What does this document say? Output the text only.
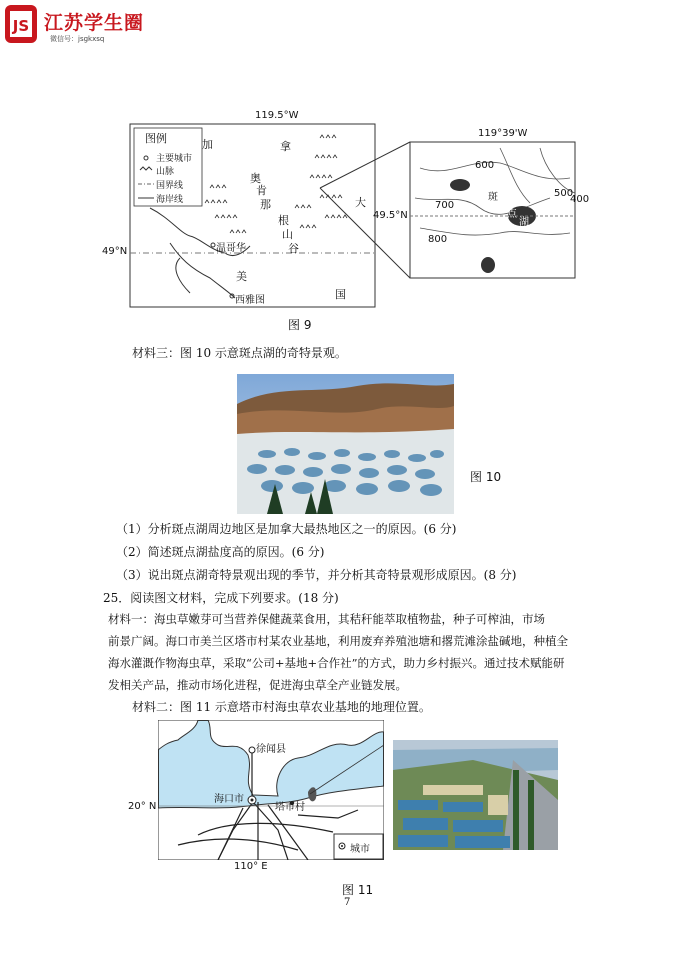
JS 江苏学生圈
微信号：jsgkxsq
图例
主要城市
山脉
国界线
海岸线
119.5°W
49°N
加	拿
大
奥
肯
那
根
山
谷
美
国
温哥华
西雅图
119°39'W
49.5°N
600
700
800
500
400
斑
点
湖
图 9
材料三：图 10 示意斑点湖的奇特景观。
图 10
（1）分析斑点湖周边地区是加拿大最热地区之一的原因。(6 分)
（2）简述斑点湖盐度高的原因。(6 分)
（3）说出斑点湖奇特景观出现的季节，并分析其奇特景观形成原因。(8 分)
25．阅读图文材料，完成下列要求。(18 分)
材料一：海虫草嫩芽可当营养保健蔬菜食用，其秸秆能萃取植物盐，种子可榨油，市场
前景广阔。海口市美兰区塔市村某农业基地，利用废弃养殖池塘和撂荒滩涂盐碱地，种植全
海水灌溉作物海虫草，采取“公司+基地+合作社”的方式，助力乡村振兴。通过技术赋能研
发相关产品，推动市场化进程，促进海虫草全产业链发展。
材料二：图 11 示意塔市村海虫草农业基地的地理位置。
徐闻县
海口市
塔市村
城市
20° N
110° E
图 11
7
